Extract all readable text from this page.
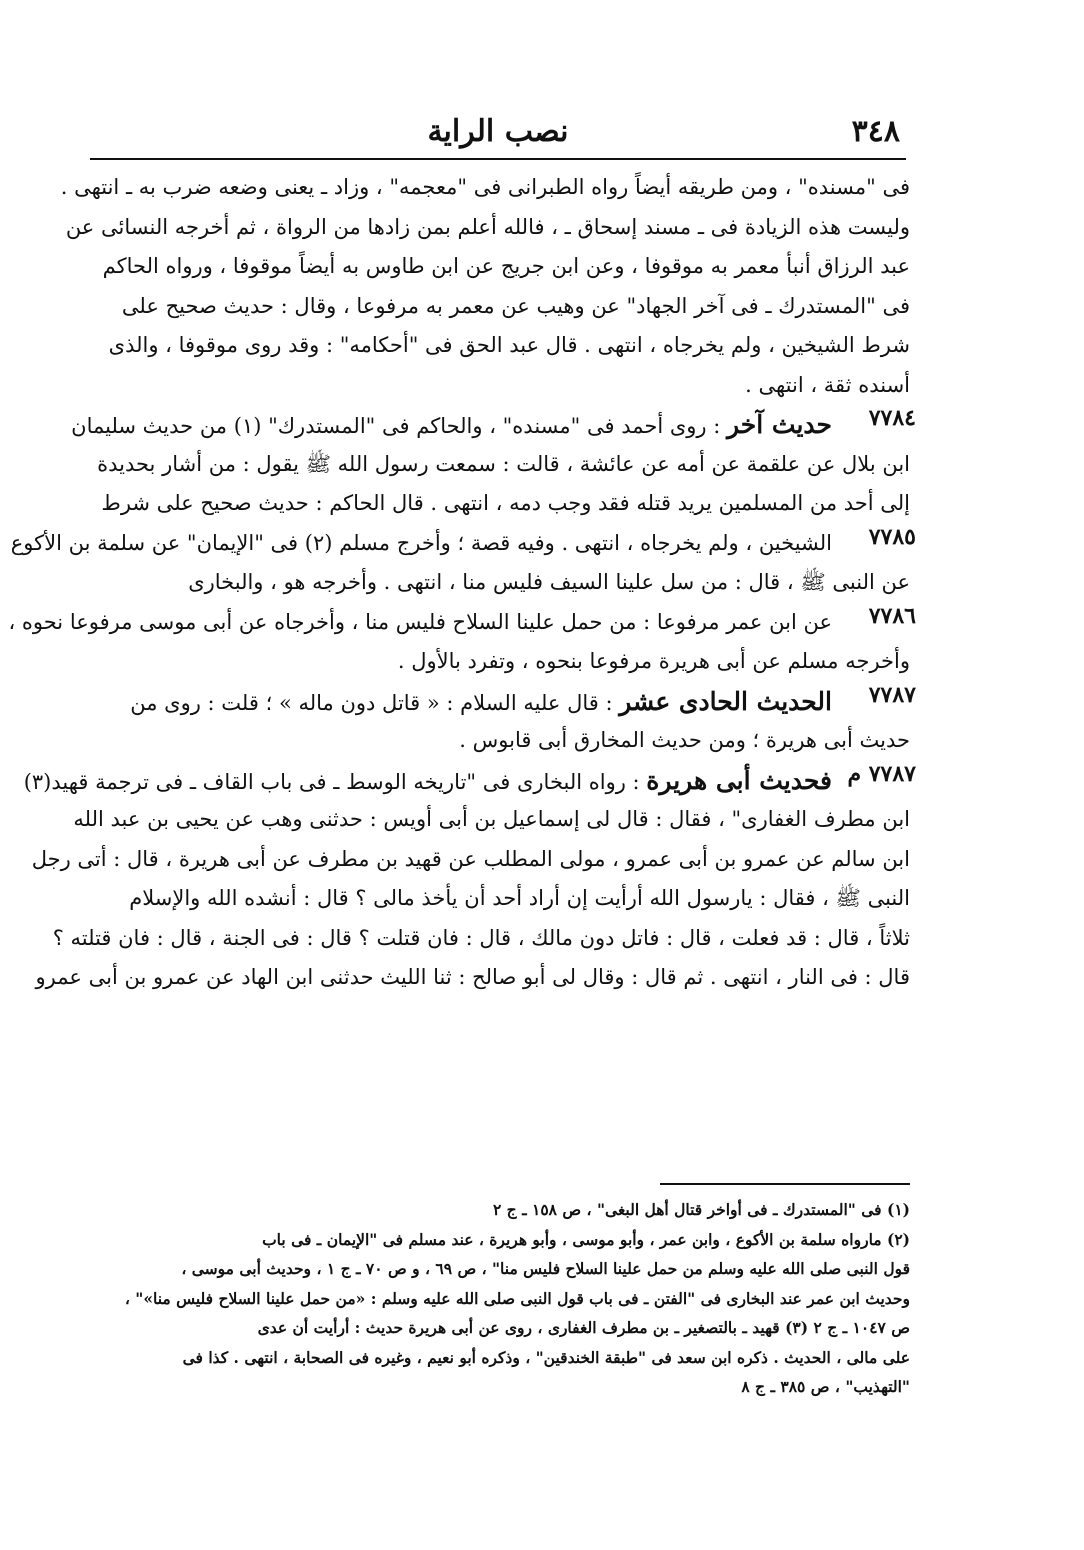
٣٤٨
نصب الراية
فى "مسنده" ، ومن طريقه أيضاً رواه الطبرانى فى "معجمه" ، وزاد ـ يعنى وضعه ضرب به ـ انتهى .
وليست هذه الزيادة فى ـ مسند إسحاق ـ ، فالله أعلم بمن زادها من الرواة ، ثم أخرجه النسائى عن
عبد الرزاق أنبأ معمر به موقوفا ، وعن ابن جريج عن ابن طاوس به أيضاً موقوفا ، ورواه الحاكم
فى "المستدرك ـ فى آخر الجهاد" عن وهيب عن معمر به مرفوعا ، وقال : حديث صحيح على
شرط الشيخين ، ولم يخرجاه ، انتهى . قال عبد الحق فى "أحكامه" : وقد روى موقوفا ، والذى
أسنده ثقة ، انتهى .
٧٧٨٤
حديث آخر : روى أحمد فى "مسنده" ، والحاكم فى "المستدرك" (١) من حديث سليمان
ابن بلال عن علقمة عن أمه عن عائشة ، قالت : سمعت رسول الله ﷺ يقول : من أشار بحديدة
إلى أحد من المسلمين يريد قتله فقد وجب دمه ، انتهى . قال الحاكم : حديث صحيح على شرط
٧٧٨٥
الشيخين ، ولم يخرجاه ، انتهى . وفيه قصة ؛ وأخرج مسلم (٢) فى "الإيمان" عن سلمة بن الأكوع
عن النبى ﷺ ، قال : من سل علينا السيف فليس منا ، انتهى . وأخرجه هو ، والبخارى
٧٧٨٦
عن ابن عمر مرفوعا : من حمل علينا السلاح فليس منا ، وأخرجاه عن أبى موسى مرفوعا نحوه ،
وأخرجه مسلم عن أبى هريرة مرفوعا بنحوه ، وتفرد بالأول .
٧٧٨٧
الحديث الحادى عشر : قال عليه السلام : « قاتل دون ماله » ؛ قلت : روى من
حديث أبى هريرة ؛ ومن حديث المخارق أبى قابوس .
٧٧٨٧ م
فحديث أبى هريرة : رواه البخارى فى "تاريخه الوسط ـ فى باب القاف ـ فى ترجمة قهيد(٣)
ابن مطرف الغفارى" ، فقال : قال لى إسماعيل بن أبى أويس : حدثنى وهب عن يحيى بن عبد الله
ابن سالم عن عمرو بن أبى عمرو ، مولى المطلب عن قهيد بن مطرف عن أبى هريرة ، قال : أتى رجل
النبى ﷺ ، فقال : يارسول الله أرأيت إن أراد أحد أن يأخذ مالى ؟ قال : أنشده الله والإسلام
ثلاثاً ، قال : قد فعلت ، قال : فاتل دون مالك ، قال : فان قتلت ؟ قال : فى الجنة ، قال : فان قتلته ؟
قال : فى النار ، انتهى . ثم قال : وقال لى أبو صالح : ثنا الليث حدثنى ابن الهاد عن عمرو بن أبى عمرو
(١) فى "المستدرك ـ فى أواخر قتال أهل البغى" ، ص ١٥٨ ـ ج ٢
(٢) مارواه سلمة بن الأكوع ، وابن عمر ، وأبو موسى ، وأبو هريرة ، عند مسلم فى "الإيمان ـ فى باب
قول النبى صلى الله عليه وسلم من حمل علينا السلاح فليس منا" ، ص ٦٩ ، و ص ٧٠ ـ ج ١ ، وحديث أبى موسى ،
وحديث ابن عمر عند البخارى فى "الفتن ـ فى باب قول النبى صلى الله عليه وسلم : «من حمل علينا السلاح فليس منا»" ،
ص ١٠٤٧ ـ ج ٢ (٣) قهيد ـ بالتصغير ـ بن مطرف الغفارى ، روى عن أبى هريرة حديث : أرأيت أن عدى
على مالى ، الحديث . ذكره ابن سعد فى "طبقة الخندقين" ، وذكره أبو نعيم ، وغيره فى الصحابة ، انتهى . كذا فى
"التهذيب" ، ص ٣٨٥ ـ ج ٨
